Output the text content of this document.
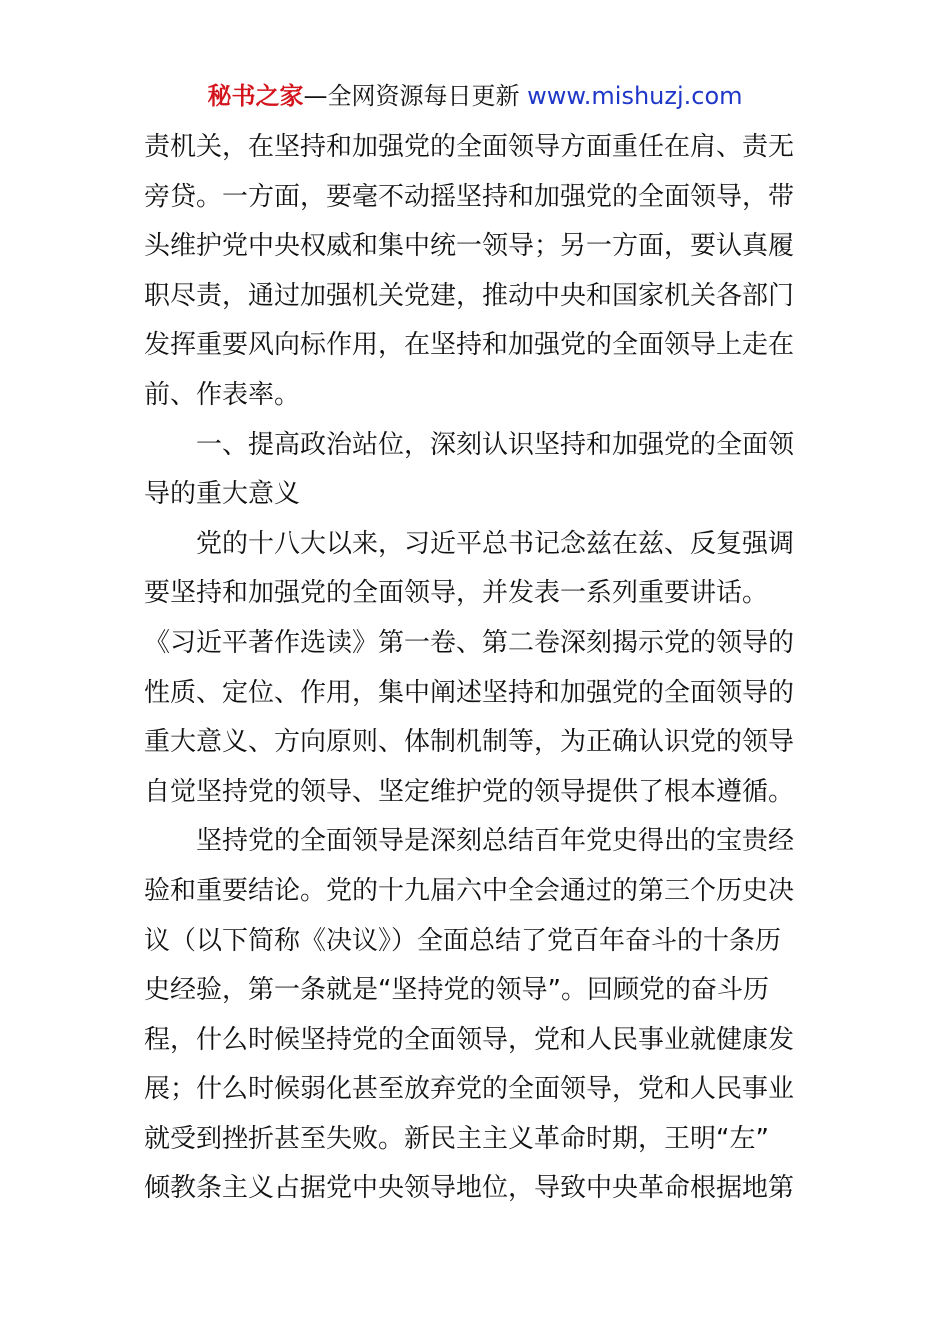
秘书之家—全网资源每日更新 www.mishuzj.com
责机关，在坚持和加强党的全面领导方面重任在肩、责无
旁贷。一方面，要毫不动摇坚持和加强党的全面领导，带
头维护党中央权威和集中统一领导；另一方面，要认真履
职尽责，通过加强机关党建，推动中央和国家机关各部门
发挥重要风向标作用，在坚持和加强党的全面领导上走在
前、作表率。
一、提高政治站位，深刻认识坚持和加强党的全面领
导的重大意义
党的十八大以来，习近平总书记念兹在兹、反复强调
要坚持和加强党的全面领导，并发表一系列重要讲话。
《习近平著作选读》第一卷、第二卷深刻揭示党的领导的
性质、定位、作用，集中阐述坚持和加强党的全面领导的
重大意义、方向原则、体制机制等，为正确认识党的领导
自觉坚持党的领导、坚定维护党的领导提供了根本遵循。
坚持党的全面领导是深刻总结百年党史得出的宝贵经
验和重要结论。党的十九届六中全会通过的第三个历史决
议（以下简称《决议》）全面总结了党百年奋斗的十条历
史经验，第一条就是“坚持党的领导”。回顾党的奋斗历
程，什么时候坚持党的全面领导，党和人民事业就健康发
展；什么时候弱化甚至放弃党的全面领导，党和人民事业
就受到挫折甚至失败。新民主主义革命时期，王明“左”
倾教条主义占据党中央领导地位，导致中央革命根据地第
